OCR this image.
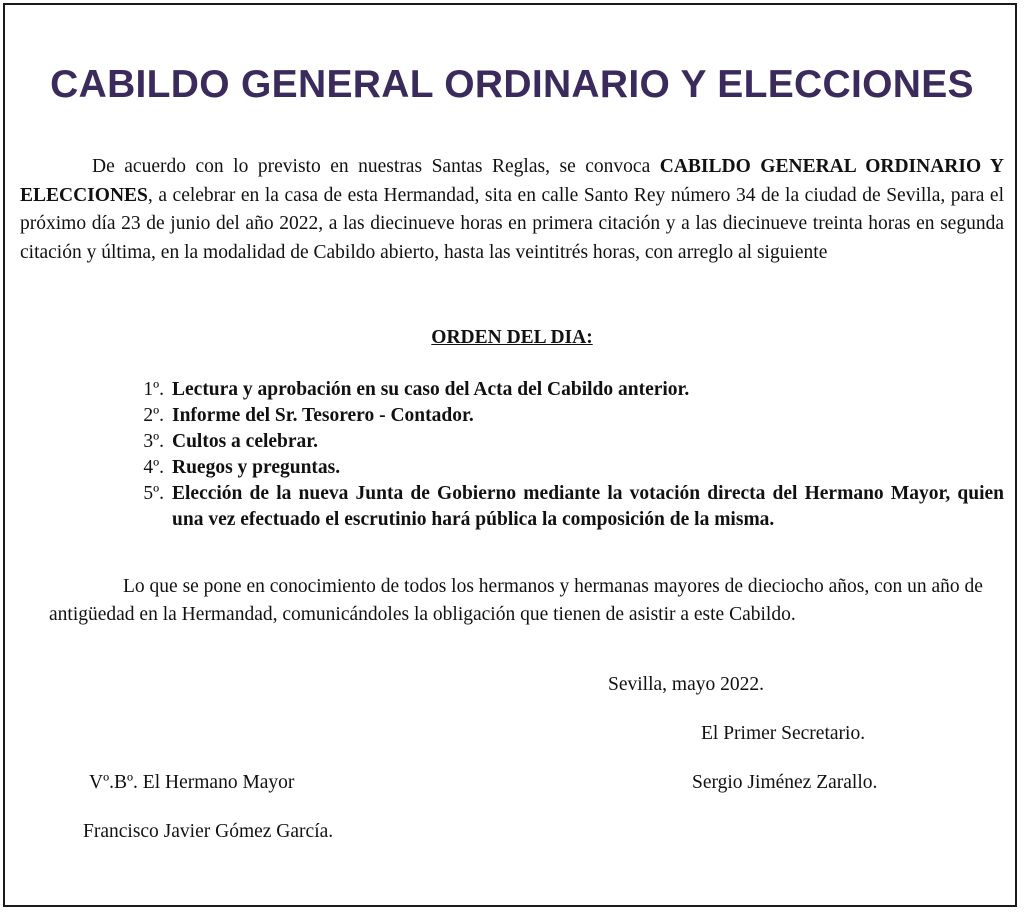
CABILDO GENERAL ORDINARIO Y ELECCIONES

De acuerdo con lo previsto en nuestras Santas Reglas, se convoca CABILDO GENERAL ORDINARIO Y ELECCIONES, a celebrar en la casa de esta Hermandad, sita en calle Santo Rey número 34 de la ciudad de Sevilla, para el próximo día 23 de junio del año 2022, a las diecinueve horas en primera citación y a las diecinueve treinta horas en segunda citación y última, en la modalidad de Cabildo abierto, hasta las veintitrés horas, con arreglo al siguiente

ORDEN DEL DIA:

1º. Lectura y aprobación en su caso del Acta del Cabildo anterior.
2º. Informe del Sr. Tesorero - Contador.
3º. Cultos a celebrar.
4º. Ruegos y preguntas.
5º. Elección de la nueva Junta de Gobierno mediante la votación directa del Hermano Mayor, quien una vez efectuado el escrutinio hará pública la composición de la misma.

Lo que se pone en conocimiento de todos los hermanos y hermanas mayores de dieciocho años, con un año de antigüedad en la Hermandad, comunicándoles la obligación que tienen de asistir a este Cabildo.

Sevilla, mayo 2022.

El Primer Secretario.

Vº.Bº. El Hermano Mayor	Sergio Jiménez Zarallo.

Francisco Javier Gómez García.
